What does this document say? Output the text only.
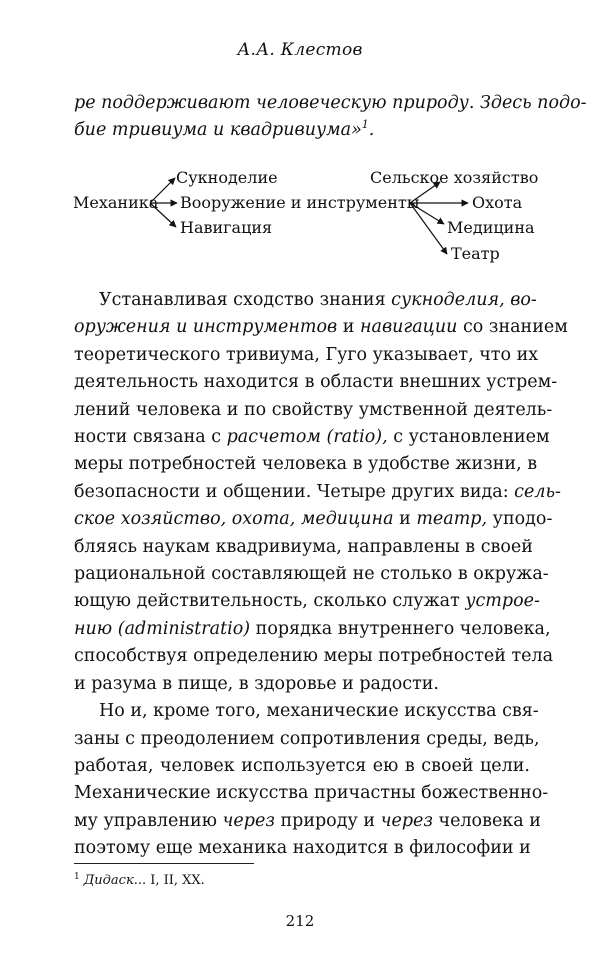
А.А. Клестов
ре поддерживают человеческую природу. Здесь подо-
бие тривиума и квадривиума»$^1$.
Механика
Сукноделие
Вооружение и инструменты
Навигация
Сельское хозяйство
Охота
Медицина
Театр
Устанавливая сходство знания сукноделия, во-
оружения и инструментов и навигации со знанием
теоретического тривиума, Гуго указывает, что их
деятельность находится в области внешних устрем-
лений человека и по свойству умственной деятель-
ности связана с расчетом (ratio), с установлением
меры потребностей человека в удобстве жизни, в
безопасности и общении. Четыре других вида: сель-
ское хозяйство, охота, медицина и театр, уподо-
бляясь наукам квадривиума, направлены в своей
рациональной составляющей не столько в окружа-
ющую действительность, сколько служат устрое-
нию (administratio) порядка внутреннего человека,
способствуя определению меры потребностей тела
и разума в пище, в здоровье и радости.
Но и, кроме того, механические искусства свя-
заны с преодолением сопротивления среды, ведь,
работая, человек используется ею в своей цели.
Механические искусства причастны божественно-
му управлению через природу и через человека и
поэтому еще механика находится в философии и
$^1$ Дидаск... I, II, XX.
212
